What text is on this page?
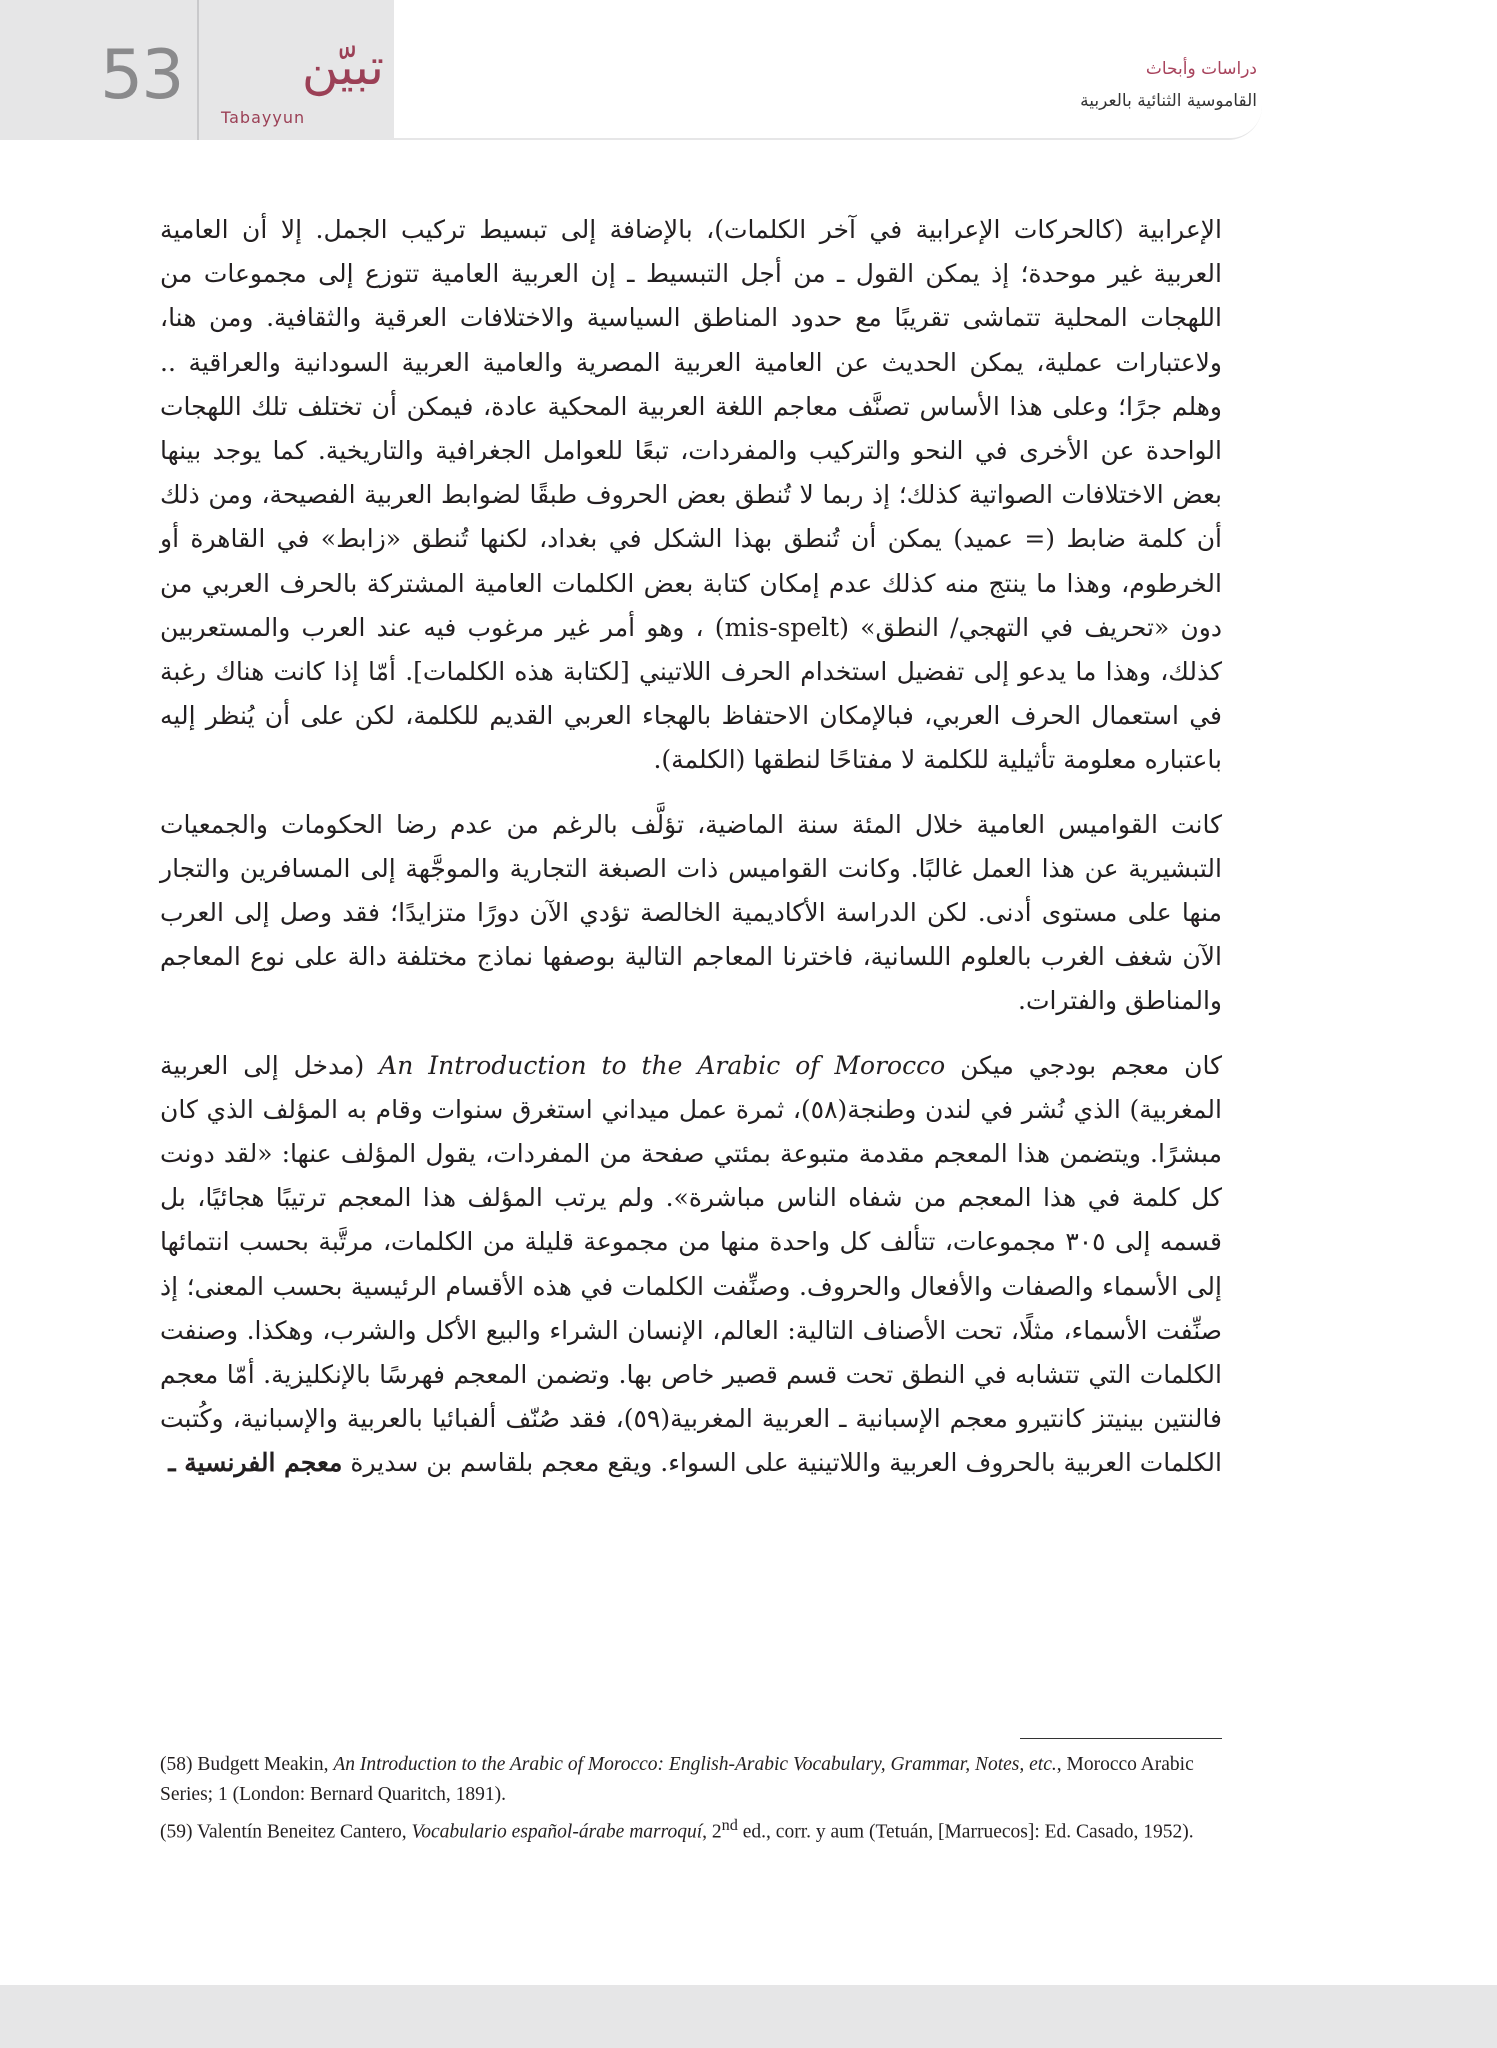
53 تبيّن
Tabayyun
دراسات وأبحاث
القاموسية الثنائية بالعربية

الإعرابية (كالحركات الإعرابية في آخر الكلمات)، بالإضافة إلى تبسيط تركيب الجمل. إلا أن العامية العربية غير موحدة؛ إذ يمكن القول ـ من أجل التبسيط ـ إن العربية العامية تتوزع إلى مجموعات من اللهجات المحلية تتماشى تقريبًا مع حدود المناطق السياسية والاختلافات العرقية والثقافية. ومن هنا، ولاعتبارات عملية، يمكن الحديث عن العامية العربية المصرية والعامية العربية السودانية والعراقية .. وهلم جرًا؛ وعلى هذا الأساس تصنَّف معاجم اللغة العربية المحكية عادة، فيمكن أن تختلف تلك اللهجات الواحدة عن الأخرى في النحو والتركيب والمفردات، تبعًا للعوامل الجغرافية والتاريخية. كما يوجد بينها بعض الاختلافات الصواتية كذلك؛ إذ ربما لا تُنطق بعض الحروف طبقًا لضوابط العربية الفصيحة، ومن ذلك أن كلمة ضابط (= عميد) يمكن أن تُنطق بهذا الشكل في بغداد، لكنها تُنطق «زابط» في القاهرة أو الخرطوم، وهذا ما ينتج منه كذلك عدم إمكان كتابة بعض الكلمات العامية المشتركة بالحرف العربي من دون «تحريف في التهجي/ النطق» (mis-spelt) ، وهو أمر غير مرغوب فيه عند العرب والمستعربين كذلك، وهذا ما يدعو إلى تفضيل استخدام الحرف اللاتيني [لكتابة هذه الكلمات]. أمّا إذا كانت هناك رغبة في استعمال الحرف العربي، فبالإمكان الاحتفاظ بالهجاء العربي القديم للكلمة، لكن على أن يُنظر إليه باعتباره معلومة تأثيلية للكلمة لا مفتاحًا لنطقها (الكلمة).

كانت القواميس العامية خلال المئة سنة الماضية، تؤلَّف بالرغم من عدم رضا الحكومات والجمعيات التبشيرية عن هذا العمل غالبًا. وكانت القواميس ذات الصبغة التجارية والموجَّهة إلى المسافرين والتجار منها على مستوى أدنى. لكن الدراسة الأكاديمية الخالصة تؤدي الآن دورًا متزايدًا؛ فقد وصل إلى العرب الآن شغف الغرب بالعلوم اللسانية، فاخترنا المعاجم التالية بوصفها نماذج مختلفة دالة على نوع المعاجم والمناطق والفترات.

كان معجم بودجي ميكن An Introduction to the Arabic of Morocco (مدخل إلى العربية المغربية) الذي نُشر في لندن وطنجة(٥٨)، ثمرة عمل ميداني استغرق سنوات وقام به المؤلف الذي كان مبشرًا. ويتضمن هذا المعجم مقدمة متبوعة بمئتي صفحة من المفردات، يقول المؤلف عنها: «لقد دونت كل كلمة في هذا المعجم من شفاه الناس مباشرة». ولم يرتب المؤلف هذا المعجم ترتيبًا هجائيًا، بل قسمه إلى ٣٠٥ مجموعات، تتألف كل واحدة منها من مجموعة قليلة من الكلمات، مرتَّبة بحسب انتمائها إلى الأسماء والصفات والأفعال والحروف. وصنِّفت الكلمات في هذه الأقسام الرئيسية بحسب المعنى؛ إذ صنِّفت الأسماء، مثلًا، تحت الأصناف التالية: العالم، الإنسان الشراء والبيع الأكل والشرب، وهكذا. وصنفت الكلمات التي تتشابه في النطق تحت قسم قصير خاص بها. وتضمن المعجم فهرسًا بالإنكليزية. أمّا معجم فالنتين بينيتز كانتيرو معجم الإسبانية ـ العربية المغربية(٥٩)، فقد صُنّف ألفبائيا بالعربية والإسبانية، وكُتبت الكلمات العربية بالحروف العربية واللاتينية على السواء. ويقع معجم بلقاسم بن سديرة معجم الفرنسية ـ

(58) Budgett Meakin, An Introduction to the Arabic of Morocco: English-Arabic Vocabulary, Grammar, Notes, etc., Morocco Arabic Series; 1 (London: Bernard Quaritch, 1891).

(59) Valentín Beneitez Cantero, Vocabulario español-árabe marroquí, 2nd ed., corr. y aum (Tetuán, [Marruecos]: Ed. Casado, 1952).
